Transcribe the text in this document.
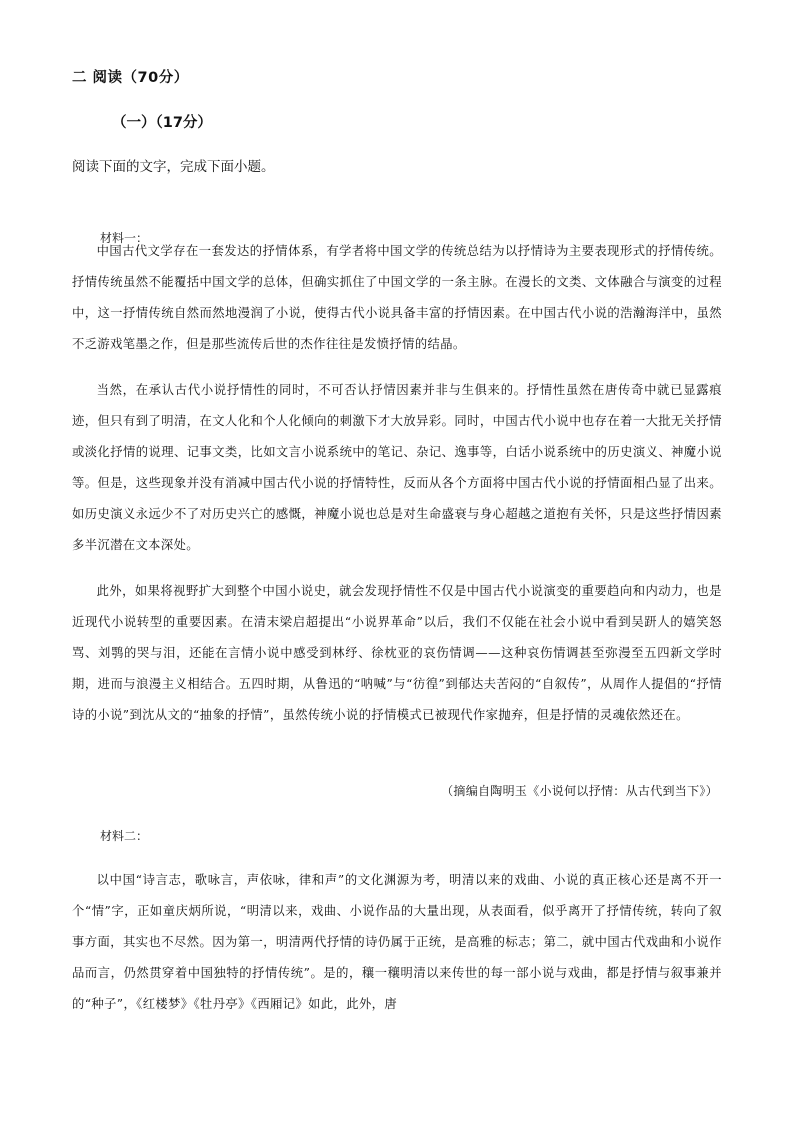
二 阅读（70分）
（一）（17分）
阅读下面的文字，完成下面小题。
材料一：

中国古代文学存在一套发达的抒情体系，有学者将中国文学的传统总结为以抒情诗为主要表现形式的抒情传统。抒情传统虽然不能覆括中国文学的总体，但确实抓住了中国文学的一条主脉。在漫长的文类、文体融合与演变的过程中，这一抒情传统自然而然地漫润了小说，使得古代小说具备丰富的抒情因素。在中国古代小说的浩瀚海洋中，虽然不乏游戏笔墨之作，但是那些流传后世的杰作往往是发愤抒情的结晶。

当然，在承认古代小说抒情性的同时，不可否认抒情因素并非与生俱来的。抒情性虽然在唐传奇中就已显露痕迹，但只有到了明清，在文人化和个人化倾向的刺激下才大放异彩。同时，中国古代小说中也存在着一大批无关抒情或淡化抒情的说理、记事文类，比如文言小说系统中的笔记、杂记、逸事等，白话小说系统中的历史演义、神魔小说等。但是，这些现象并没有消减中国古代小说的抒情特性，反而从各个方面将中国古代小说的抒情面相凸显了出来。如历史演义永远少不了对历史兴亡的感慨，神魔小说也总是对生命盛衰与身心超越之道抱有关怀，只是这些抒情因素多半沉潜在文本深处。

此外，如果将视野扩大到整个中国小说史，就会发现抒情性不仅是中国古代小说演变的重要趋向和内动力，也是近现代小说转型的重要因素。在清末梁启超提出“小说界革命”以后，我们不仅能在社会小说中看到吴趼人的嬉笑怒骂、刘鹗的哭与泪，还能在言情小说中感受到林纾、徐枕亚的哀伤情调——这种哀伤情调甚至弥漫至五四新文学时期，进而与浪漫主义相结合。五四时期，从鲁迅的“呐喊”与“彷徨”到郁达夫苦闷的“自叙传”，从周作人提倡的“抒情诗的小说”到沈从文的“抽象的抒情”，虽然传统小说的抒情模式已被现代作家抛弃，但是抒情的灵魂依然还在。

（摘编自陶明玉《小说何以抒情：从古代到当下》）
材料二：

以中国“诗言志，歌咏言，声依咏，律和声”的文化渊源为考，明清以来的戏曲、小说的真正核心还是离不开一个“情”字，正如童庆炳所说，“明清以来，戏曲、小说作品的大量出现，从表面看，似乎离开了抒情传统，转向了叙事方面，其实也不尽然。因为第一，明清两代抒情的诗仍属于正统，是高雅的标志；第二，就中国古代戏曲和小说作品而言，仍然贯穿着中国独特的抒情传统”。是的，穰一穰明清以来传世的每一部小说与戏曲，都是抒情与叙事兼并的“种子”，《红楼梦》《牡丹亭》《西厢记》如此，此外，唐
